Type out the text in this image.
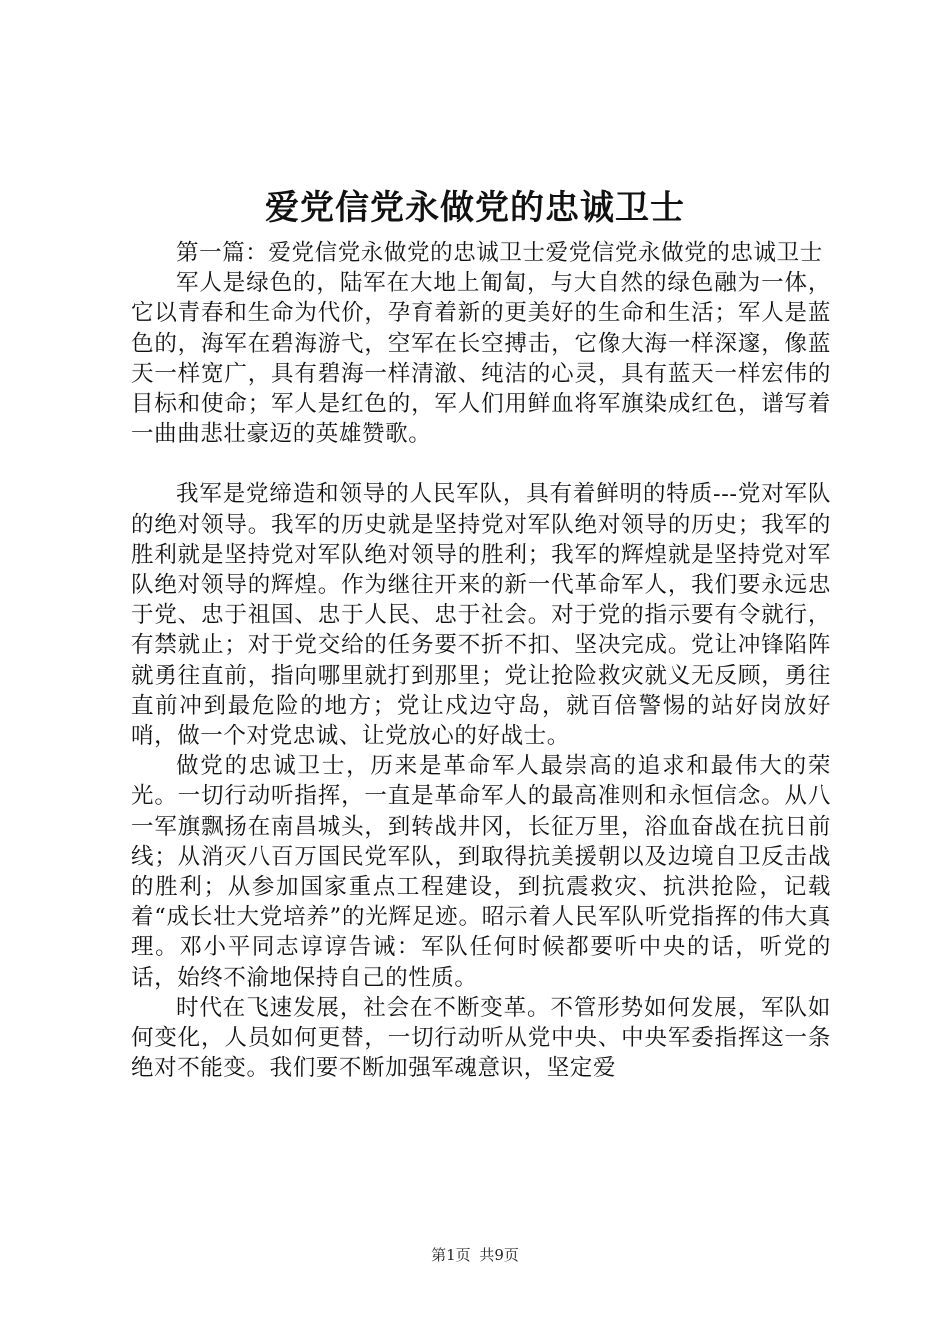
爱党信党永做党的忠诚卫士

第一篇：爱党信党永做党的忠诚卫士爱党信党永做党的忠诚卫士

军人是绿色的，陆军在大地上匍匐，与大自然的绿色融为一体，它以青春和生命为代价，孕育着新的更美好的生命和生活；军人是蓝色的，海军在碧海游弋，空军在长空搏击，它像大海一样深邃，像蓝天一样宽广，具有碧海一样清澈、纯洁的心灵，具有蓝天一样宏伟的目标和使命；军人是红色的，军人们用鲜血将军旗染成红色，谱写着一曲曲悲壮豪迈的英雄赞歌。

我军是党缔造和领导的人民军队，具有着鲜明的特质---党对军队的绝对领导。我军的历史就是坚持党对军队绝对领导的历史；我军的胜利就是坚持党对军队绝对领导的胜利；我军的辉煌就是坚持党对军队绝对领导的辉煌。作为继往开来的新一代革命军人，我们要永远忠于党、忠于祖国、忠于人民、忠于社会。对于党的指示要有令就行，有禁就止；对于党交给的任务要不折不扣、坚决完成。党让冲锋陷阵就勇往直前，指向哪里就打到那里；党让抢险救灾就义无反顾，勇往直前冲到最危险的地方；党让戍边守岛，就百倍警惕的站好岗放好哨，做一个对党忠诚、让党放心的好战士。

做党的忠诚卫士，历来是革命军人最崇高的追求和最伟大的荣光。一切行动听指挥，一直是革命军人的最高准则和永恒信念。从八一军旗飘扬在南昌城头，到转战井冈，长征万里，浴血奋战在抗日前线；从消灭八百万国民党军队，到取得抗美援朝以及边境自卫反击战的胜利；从参加国家重点工程建设，到抗震救灾、抗洪抢险，记载着“成长壮大党培养”的光辉足迹。昭示着人民军队听党指挥的伟大真理。邓小平同志谆谆告诫：军队任何时候都要听中央的话，听党的话，始终不渝地保持自己的性质。

时代在飞速发展，社会在不断变革。不管形势如何发展，军队如何变化，人员如何更替，一切行动听从党中央、中央军委指挥这一条绝对不能变。我们要不断加强军魂意识，坚定爱

第1页 共9页
